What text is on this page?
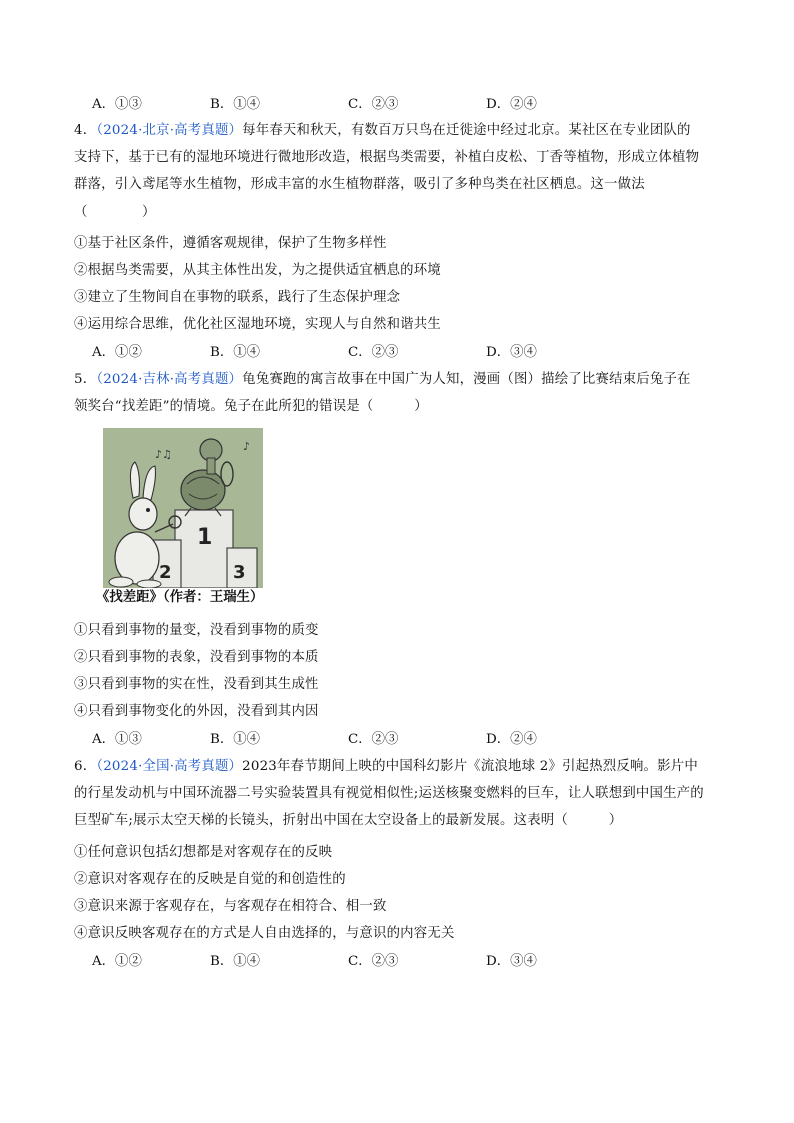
A．①③	B．①④	C．②③	D．②④
4．（2024·北京·高考真题）每年春天和秋天，有数百万只鸟在迁徙途中经过北京。某社区在专业团队的
支持下，基于已有的湿地环境进行微地形改造，根据鸟类需要，补植白皮松、丁香等植物，形成立体植物
群落，引入鸢尾等水生植物，形成丰富的水生植物群落，吸引了多种鸟类在社区栖息。这一做法
（　　　　）
①基于社区条件，遵循客观规律，保护了生物多样性
②根据鸟类需要，从其主体性出发，为之提供适宜栖息的环境
③建立了生物间自在事物的联系，践行了生态保护理念
④运用综合思维，优化社区湿地环境，实现人与自然和谐共生
A．①②	B．①④	C．②③	D．③④
5．（2024·吉林·高考真题）龟兔赛跑的寓言故事在中国广为人知，漫画（图）描绘了比赛结束后兔子在
领奖台“找差距”的情境。兔子在此所犯的错误是（　　　）
♪♫
♪
1
2	3
《找差距》（作者：王瑞生）
①只看到事物的量变，没看到事物的质变
②只看到事物的表象，没看到事物的本质
③只看到事物的实在性，没看到其生成性
④只看到事物变化的外因，没看到其内因
A．①③	B．①④	C．②③	D．②④
6．（2024·全国·高考真题）2023年春节期间上映的中国科幻影片《流浪地球 2》引起热烈反响。影片中
的行星发动机与中国环流器二号实验装置具有视觉相似性;运送核聚变燃料的巨车，让人联想到中国生产的
巨型矿车;展示太空天梯的长镜头，折射出中国在太空设备上的最新发展。这表明（　　　）
①任何意识包括幻想都是对客观存在的反映
②意识对客观存在的反映是自觉的和创造性的
③意识来源于客观存在，与客观存在相符合、相一致
④意识反映客观存在的方式是人自由选择的，与意识的内容无关
A．①②	B．①④	C．②③	D．③④
